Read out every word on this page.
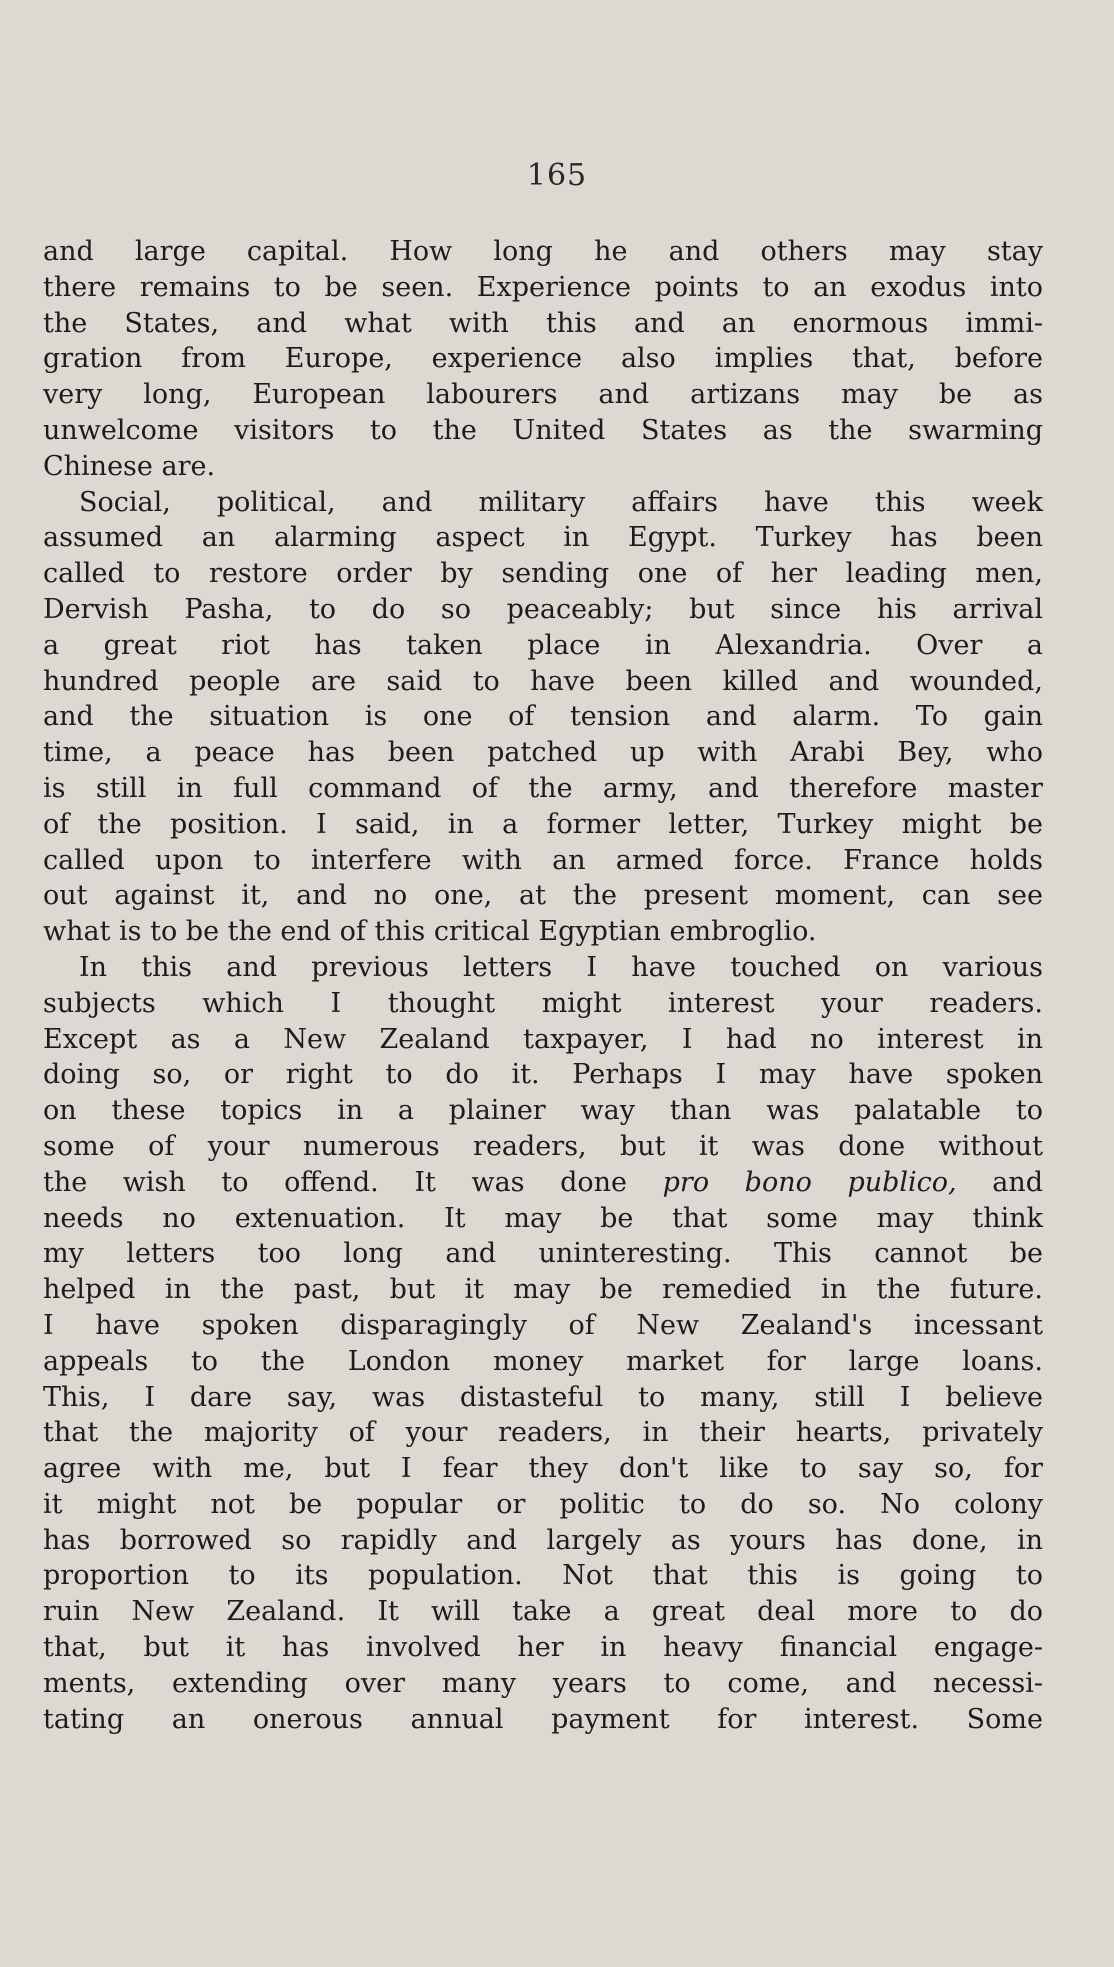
165
and large capital. How long he and others may stay
there remains to be seen. Experience points to an exodus into
the States, and what with this and an enormous immi-
gration from Europe, experience also implies that, before
very long, European labourers and artizans may be as
unwelcome visitors to the United States as the swarming
Chinese are.
Social, political, and military affairs have this week
assumed an alarming aspect in Egypt. Turkey has been
called to restore order by sending one of her leading men,
Dervish Pasha, to do so peaceably; but since his arrival
a great riot has taken place in Alexandria. Over a
hundred people are said to have been killed and wounded,
and the situation is one of tension and alarm. To gain
time, a peace has been patched up with Arabi Bey, who
is still in full command of the army, and therefore master
of the position. I said, in a former letter, Turkey might be
called upon to interfere with an armed force. France holds
out against it, and no one, at the present moment, can see
what is to be the end of this critical Egyptian embroglio.
In this and previous letters I have touched on various
subjects which I thought might interest your readers.
Except as a New Zealand taxpayer, I had no interest in
doing so, or right to do it. Perhaps I may have spoken
on these topics in a plainer way than was palatable to
some of your numerous readers, but it was done without
the wish to offend. It was done pro bono publico, and
needs no extenuation. It may be that some may think
my letters too long and uninteresting. This cannot be
helped in the past, but it may be remedied in the future.
I have spoken disparagingly of New Zealand's incessant
appeals to the London money market for large loans.
This, I dare say, was distasteful to many, still I believe
that the majority of your readers, in their hearts, privately
agree with me, but I fear they don't like to say so, for
it might not be popular or politic to do so. No colony
has borrowed so rapidly and largely as yours has done, in
proportion to its population. Not that this is going to
ruin New Zealand. It will take a great deal more to do
that, but it has involved her in heavy financial engage-
ments, extending over many years to come, and necessi-
tating an onerous annual payment for interest. Some
